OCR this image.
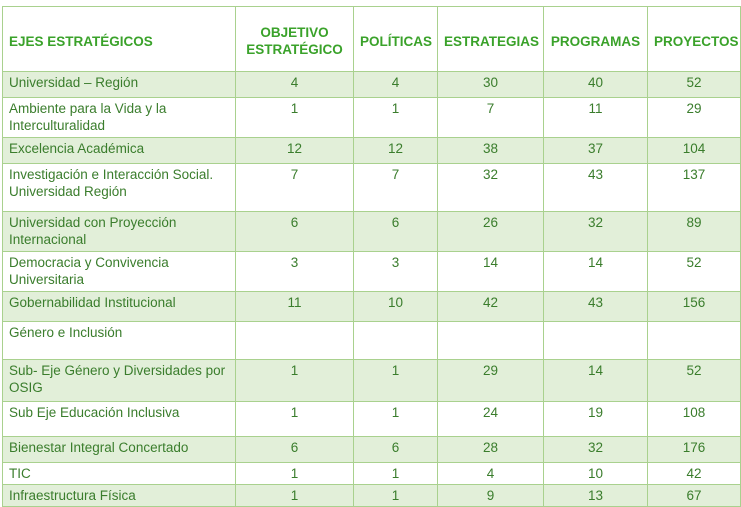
EJES ESTRATÉGICOS	OBJETIVO ESTRATÉGICO	POLÍTICAS	ESTRATEGIAS	PROGRAMAS	PROYECTOS
Universidad – Región	4	4	30	40	52
Ambiente para la Vida y la Interculturalidad	1	1	7	11	29
Excelencia Académica	12	12	38	37	104
Investigación e Interacción Social. Universidad Región	7	7	32	43	137
Universidad con Proyección Internacional	6	6	26	32	89
Democracia y Convivencia Universitaria	3	3	14	14	52
Gobernabilidad Institucional	11	10	42	43	156
Género e Inclusión					
Sub- Eje Género y Diversidades por OSIG	1	1	29	14	52
Sub Eje Educación Inclusiva	1	1	24	19	108
Bienestar Integral Concertado	6	6	28	32	176
TIC	1	1	4	10	42
Infraestructura Física	1	1	9	13	67
